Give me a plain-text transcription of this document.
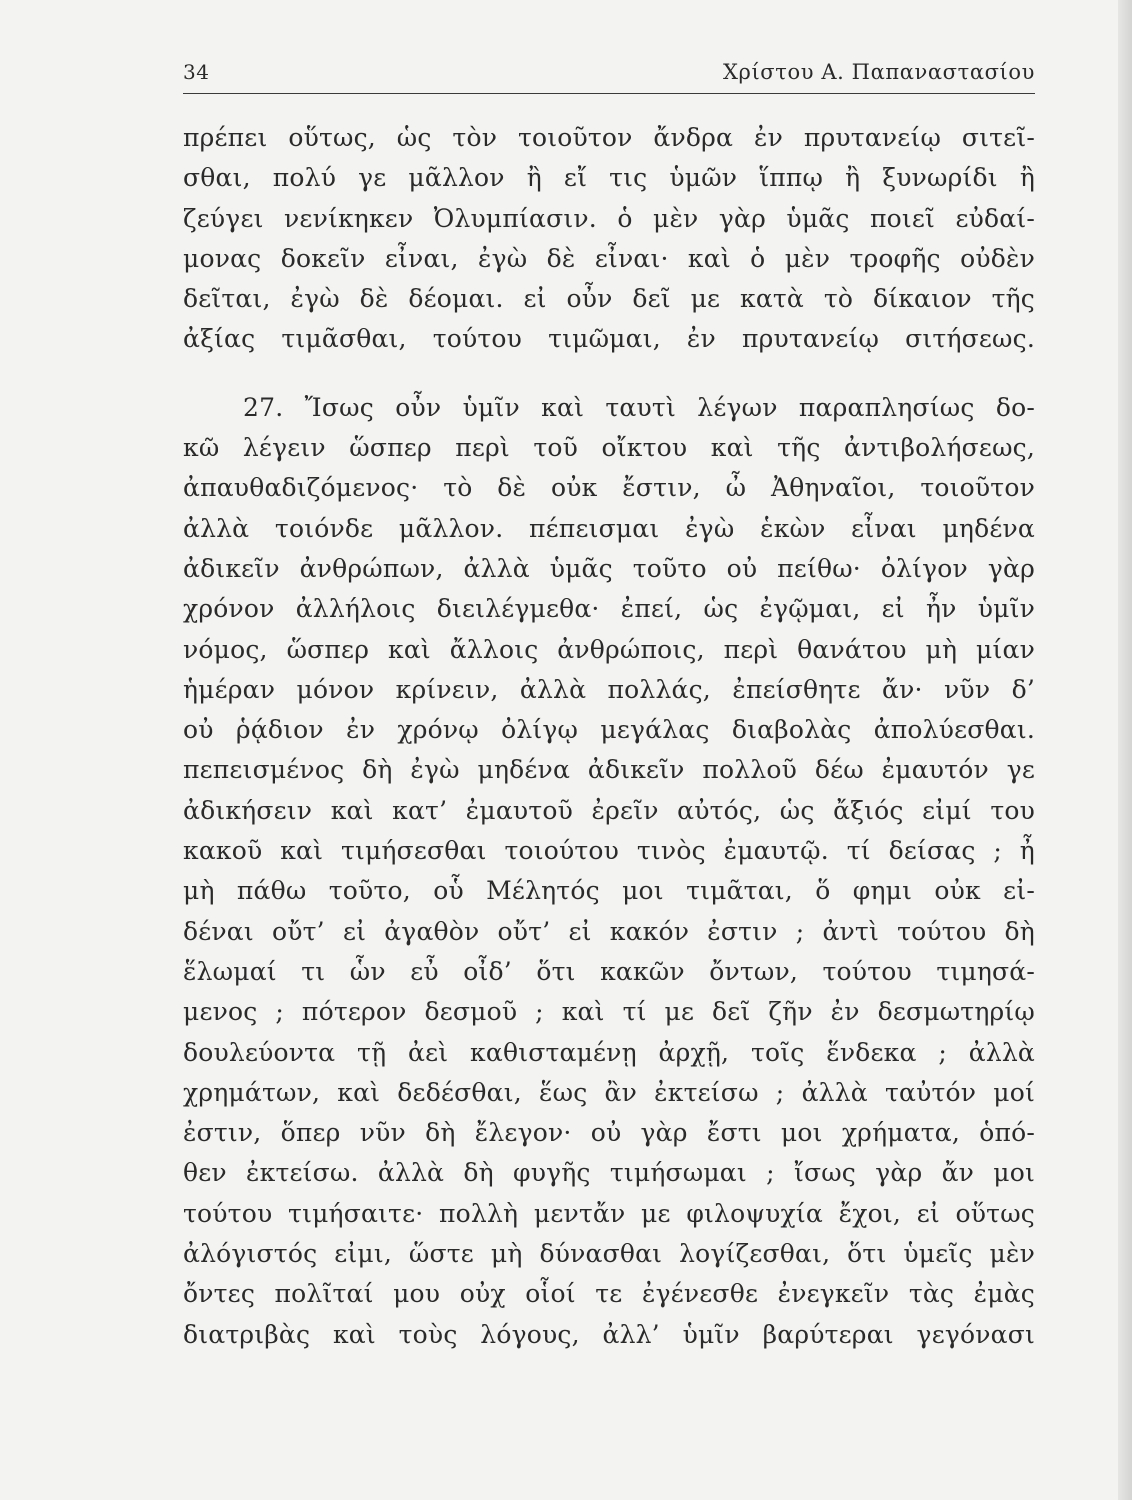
34	Χρίστου Α. Παπαναστασίου
πρέπει οὕτως, ὡς τὸν τοιοῦτον ἄνδρα ἐν πρυτανείῳ σιτεῖ-
σθαι, πολύ γε μᾶλλον ἢ εἴ τις ὑμῶν ἵππῳ ἢ ξυνωρίδι ἢ
ζεύγει νενίκηκεν Ὀλυμπίασιν. ὁ μὲν γὰρ ὑμᾶς ποιεῖ εὐδαί-
μονας δοκεῖν εἶναι, ἐγὼ δὲ εἶναι· καὶ ὁ μὲν τροφῆς οὐδὲν
δεῖται, ἐγὼ δὲ δέομαι. εἰ οὖν δεῖ με κατὰ τὸ δίκαιον τῆς
ἀξίας τιμᾶσθαι, τούτου τιμῶμαι, ἐν πρυτανείῳ σιτήσεως.
27. Ἴσως οὖν ὑμῖν καὶ ταυτὶ λέγων παραπλησίως δο-
κῶ λέγειν ὥσπερ περὶ τοῦ οἴκτου καὶ τῆς ἀντιβολήσεως,
ἀπαυθαδιζόμενος· τὸ δὲ οὐκ ἔστιν, ὦ Ἀθηναῖοι, τοιοῦτον
ἀλλὰ τοιόνδε μᾶλλον. πέπεισμαι ἐγὼ ἑκὼν εἶναι μηδένα
ἀδικεῖν ἀνθρώπων, ἀλλὰ ὑμᾶς τοῦτο οὐ πείθω· ὀλίγον γὰρ
χρόνον ἀλλήλοις διειλέγμεθα· ἐπεί, ὡς ἐγῷμαι, εἰ ἦν ὑμῖν
νόμος, ὥσπερ καὶ ἄλλοις ἀνθρώποις, περὶ θανάτου μὴ μίαν
ἡμέραν μόνον κρίνειν, ἀλλὰ πολλάς, ἐπείσθητε ἄν· νῦν δ’
οὐ ῥᾴδιον ἐν χρόνῳ ὀλίγῳ μεγάλας διαβολὰς ἀπολύεσθαι.
πεπεισμένος δὴ ἐγὼ μηδένα ἀδικεῖν πολλοῦ δέω ἐμαυτόν γε
ἀδικήσειν καὶ κατ’ ἐμαυτοῦ ἐρεῖν αὐτός, ὡς ἄξιός εἰμί του
κακοῦ καὶ τιμήσεσθαι τοιούτου τινὸς ἐμαυτῷ. τί δείσας ; ἦ
μὴ πάθω τοῦτο, οὗ Μέλητός μοι τιμᾶται, ὅ φημι οὐκ εἰ-
δέναι οὔτ’ εἰ ἀγαθὸν οὔτ’ εἰ κακόν ἐστιν ; ἀντὶ τούτου δὴ
ἕλωμαί τι ὧν εὖ οἶδ’ ὅτι κακῶν ὄντων, τούτου τιμησά-
μενος ; πότερον δεσμοῦ ; καὶ τί με δεῖ ζῆν ἐν δεσμωτηρίῳ
δουλεύοντα τῇ ἀεὶ καθισταμένῃ ἀρχῇ, τοῖς ἕνδεκα ; ἀλλὰ
χρημάτων, καὶ δεδέσθαι, ἕως ἂν ἐκτείσω ; ἀλλὰ ταὐτόν μοί
ἐστιν, ὅπερ νῦν δὴ ἔλεγον· οὐ γὰρ ἔστι μοι χρήματα, ὁπό-
θεν ἐκτείσω. ἀλλὰ δὴ φυγῆς τιμήσωμαι ; ἴσως γὰρ ἄν μοι
τούτου τιμήσαιτε· πολλὴ μεντἄν με φιλοψυχία ἔχοι, εἰ οὕτως
ἀλόγιστός εἰμι, ὥστε μὴ δύνασθαι λογίζεσθαι, ὅτι ὑμεῖς μὲν
ὄντες πολῖταί μου οὐχ οἷοί τε ἐγένεσθε ἐνεγκεῖν τὰς ἐμὰς
διατριβὰς καὶ τοὺς λόγους, ἀλλ’ ὑμῖν βαρύτεραι γεγόνασι
